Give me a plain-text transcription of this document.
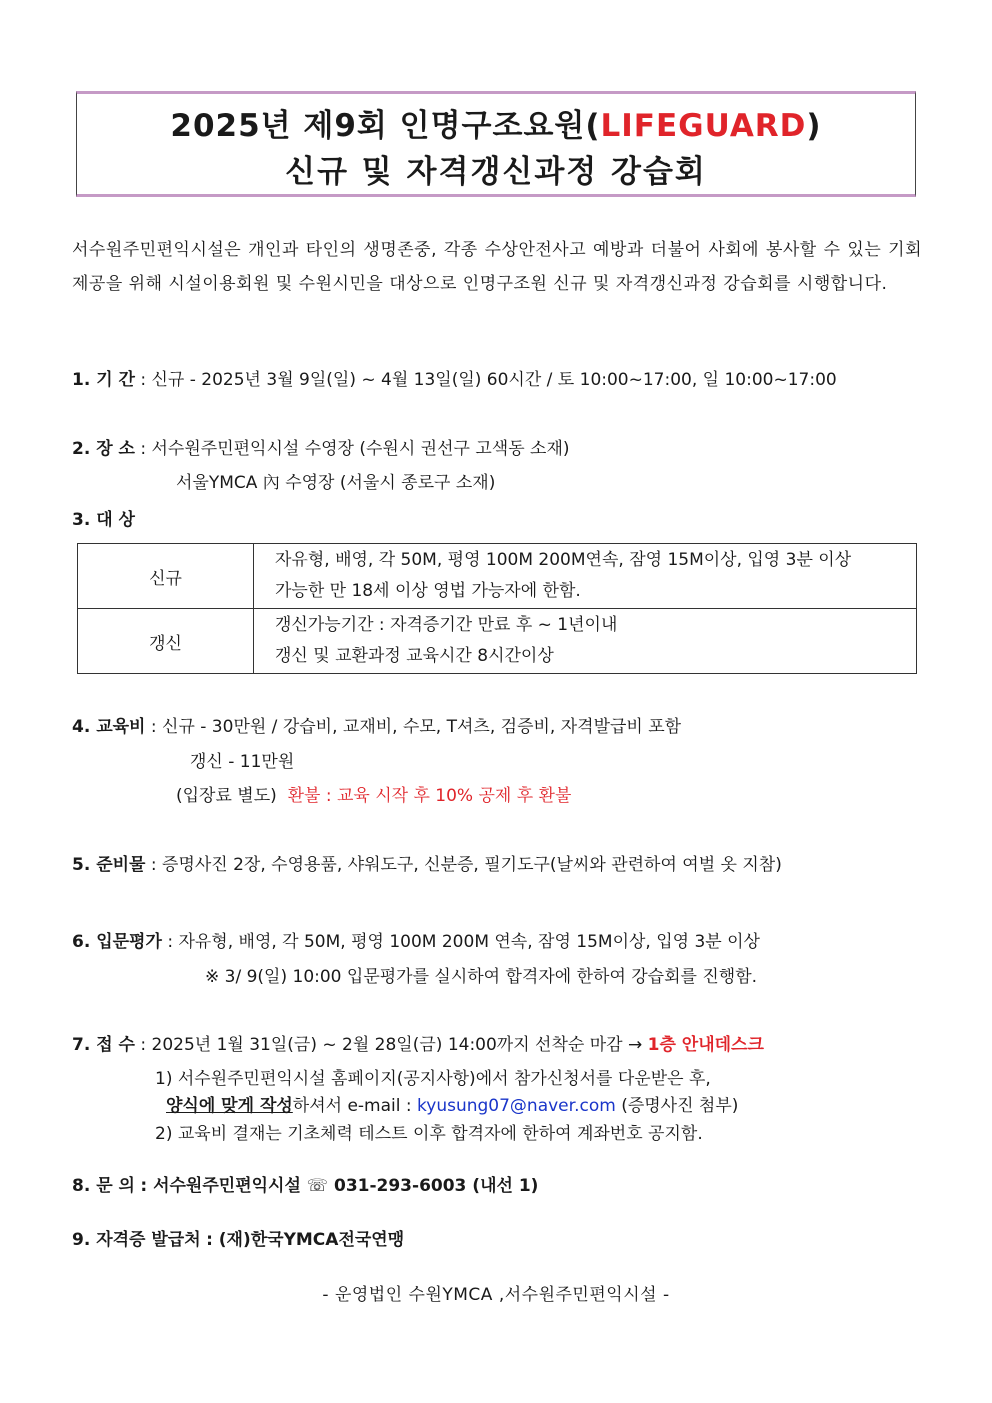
2025년 제9회 인명구조요원(LIFEGUARD)
신규 및 자격갱신과정 강습회
서수원주민편익시설은 개인과 타인의 생명존중, 각종 수상안전사고 예방과 더불어 사회에 봉사할 수 있는 기회제공을 위해 시설이용회원 및 수원시민을 대상으로 인명구조원 신규 및 자격갱신과정 강습회를 시행합니다.
1. 기 간 : 신규 - 2025년 3월 9일(일) ~ 4월 13일(일) 60시간 / 토 10:00~17:00, 일 10:00~17:00
2. 장 소 : 서수원주민편익시설 수영장 (수원시 권선구 고색동 소재)
서울YMCA 內 수영장 (서울시 종로구 소재)
3. 대 상
신규	자유형, 배영, 각 50M, 평영 100M 200M연속, 잠영 15M이상, 입영 3분 이상
가능한 만 18세 이상 영법 가능자에 한함.

갱신	갱신가능기간 : 자격증기간 만료 후 ~ 1년이내
갱신 및 교환과정 교육시간 8시간이상
4. 교육비 : 신규 - 30만원 / 강습비, 교재비, 수모, T셔츠, 검증비, 자격발급비 포함
갱신 - 11만원
(입장료 별도) 환불 : 교육 시작 후 10% 공제 후 환불
5. 준비물 : 증명사진 2장, 수영용품, 샤워도구, 신분증, 필기도구(날씨와 관련하여 여벌 옷 지참)
6. 입문평가 : 자유형, 배영, 각 50M, 평영 100M 200M 연속, 잠영 15M이상, 입영 3분 이상
※ 3/ 9(일) 10:00 입문평가를 실시하여 합격자에 한하여 강습회를 진행함.
7. 접 수 : 2025년 1월 31일(금) ~ 2월 28일(금) 14:00까지 선착순 마감 → 1층 안내데스크
1) 서수원주민편익시설 홈페이지(공지사항)에서 참가신청서를 다운받은 후,
양식에 맞게 작성하셔서 e-mail : kyusung07@naver.com (증명사진 첨부)
2) 교육비 결재는 기초체력 테스트 이후 합격자에 한하여 계좌번호 공지함.
8. 문 의 : 서수원주민편익시설 ☏ 031-293-6003 (내선 1)
9. 자격증 발급처 : (재)한국YMCA전국연맹
- 운영법인 수원YMCA ,서수원주민편익시설 -
